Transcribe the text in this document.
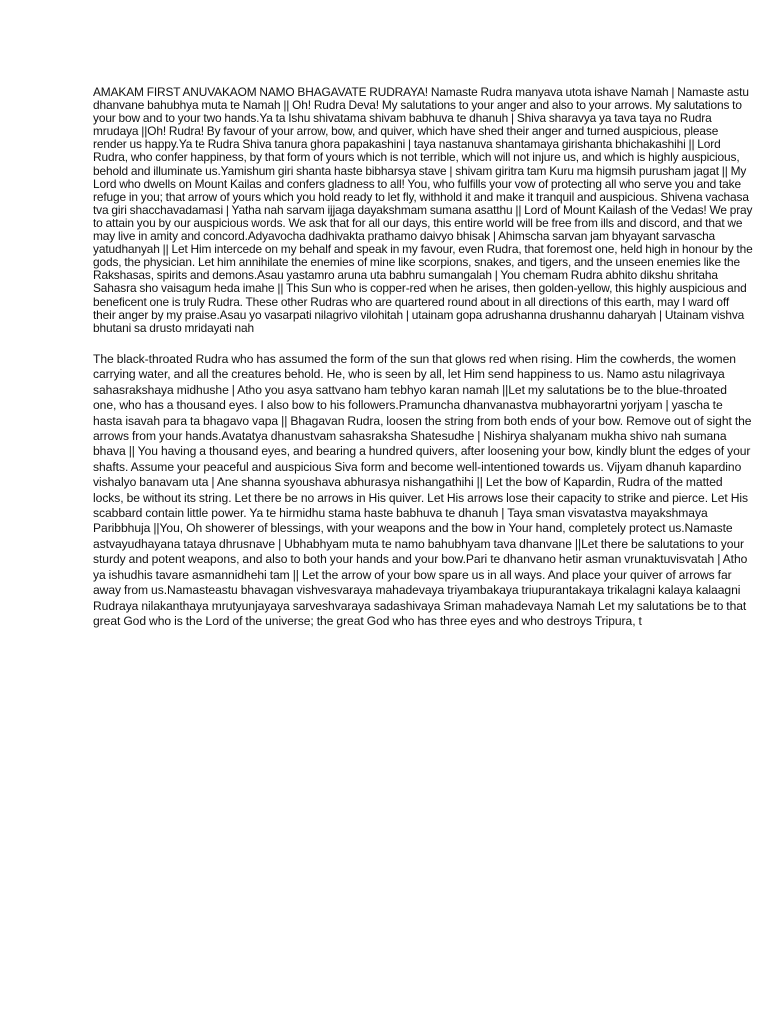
AMAKAM FIRST ANUVAKAOM NAMO BHAGAVATE RUDRAYA! Namaste Rudra manyava utota ishave Namah | Namaste astu dhanvane bahubhya muta te Namah || Oh! Rudra Deva! My salutations to your anger and also to your arrows. My salutations to your bow and to your two hands.Ya ta Ishu shivatama shivam babhuva te dhanuh | Shiva sharavya ya tava taya no Rudra mrudaya ||Oh! Rudra! By favour of your arrow, bow, and quiver, which have shed their anger and turned auspicious, please render us happy.Ya te Rudra Shiva tanura ghora papakashini | taya nastanuva shantamaya girishanta bhichakashihi || Lord Rudra, who confer happiness, by that form of yours which is not terrible, which will not injure us, and which is highly auspicious, behold and illuminate us.Yamishum giri shanta haste bibharsya stave | shivam giritra tam Kuru ma higmsih purusham jagat || My Lord who dwells on Mount Kailas and confers gladness to all! You, who fulfills your vow of protecting all who serve you and take refuge in you; that arrow of yours which you hold ready to let fly, withhold it and make it tranquil and auspicious. Shivena vachasa tva giri shacchavadamasi | Yatha nah sarvam ijjaga dayakshmam sumana asatthu || Lord of Mount Kailash of the Vedas! We pray to attain you by our auspicious words. We ask that for all our days, this entire world will be free from ills and discord, and that we may live in amity and concord.Adyavocha dadhivakta prathamo daivyo bhisak | Ahimscha sarvan jam bhyayant sarvascha yatudhanyah || Let Him intercede on my behalf and speak in my favour, even Rudra, that foremost one, held high in honour by the gods, the physician. Let him annihilate the enemies of mine like scorpions, snakes, and tigers, and the unseen enemies like the Rakshasas, spirits and demons.Asau yastamro aruna uta babhru sumangalah | You chemam Rudra abhito dikshu shritaha Sahasra sho vaisagum heda imahe || This Sun who is copper-red when he arises, then golden-yellow, this highly auspicious and beneficent one is truly Rudra. These other Rudras who are quartered round about in all directions of this earth, may I ward off their anger by my praise.Asau yo vasarpati nilagrivo vilohitah | utainam gopa adrushanna drushannu daharyah | Utainam vishva bhutani sa drusto mridayati nah

The black-throated Rudra who has assumed the form of the sun that glows red when rising. Him the cowherds, the women carrying water, and all the creatures behold. He, who is seen by all, let Him send happiness to us. Namo astu nilagrivaya sahasrakshaya midhushe | Atho you asya sattvano ham tebhyo karan namah ||Let my salutations be to the blue-throated one, who has a thousand eyes. I also bow to his followers.Pramuncha dhanvanastva mubhayorartni yorjyam | yascha te hasta isavah para ta bhagavo vapa || Bhagavan Rudra, loosen the string from both ends of your bow. Remove out of sight the arrows from your hands.Avatatya dhanustvam sahasraksha Shatesudhe | Nishirya shalyanam mukha shivo nah sumana bhava || You having a thousand eyes, and bearing a hundred quivers, after loosening your bow, kindly blunt the edges of your shafts. Assume your peaceful and auspicious Siva form and become well-intentioned towards us. Vijyam dhanuh kapardino vishalyo banavam uta | Ane shanna syoushava abhurasya nishangathihi || Let the bow of Kapardin, Rudra of the matted locks, be without its string. Let there be no arrows in His quiver. Let His arrows lose their capacity to strike and pierce. Let His scabbard contain little power. Ya te hirmidhu stama haste babhuva te dhanuh | Taya sman visvatastva mayakshmaya Paribbhuja ||You, Oh showerer of blessings, with your weapons and the bow in Your hand, completely protect us.Namaste astvayudhayana tataya dhrusnave | Ubhabhyam muta te namo bahubhyam tava dhanvane ||Let there be salutations to your sturdy and potent weapons, and also to both your hands and your bow.Pari te dhanvano hetir asman vrunaktuvisvatah | Atho ya ishudhis tavare asmannidhehi tam || Let the arrow of your bow spare us in all ways. And place your quiver of arrows far away from us.Namasteastu bhavagan vishvesvaraya mahadevaya triyambakaya triupurantakaya trikalagni kalaya kalaagni Rudraya nilakanthaya mrutyunjayaya sarveshvaraya sadashivaya Sriman mahadevaya Namah Let my salutations be to that great God who is the Lord of the universe; the great God who has three eyes and who destroys Tripura, t
